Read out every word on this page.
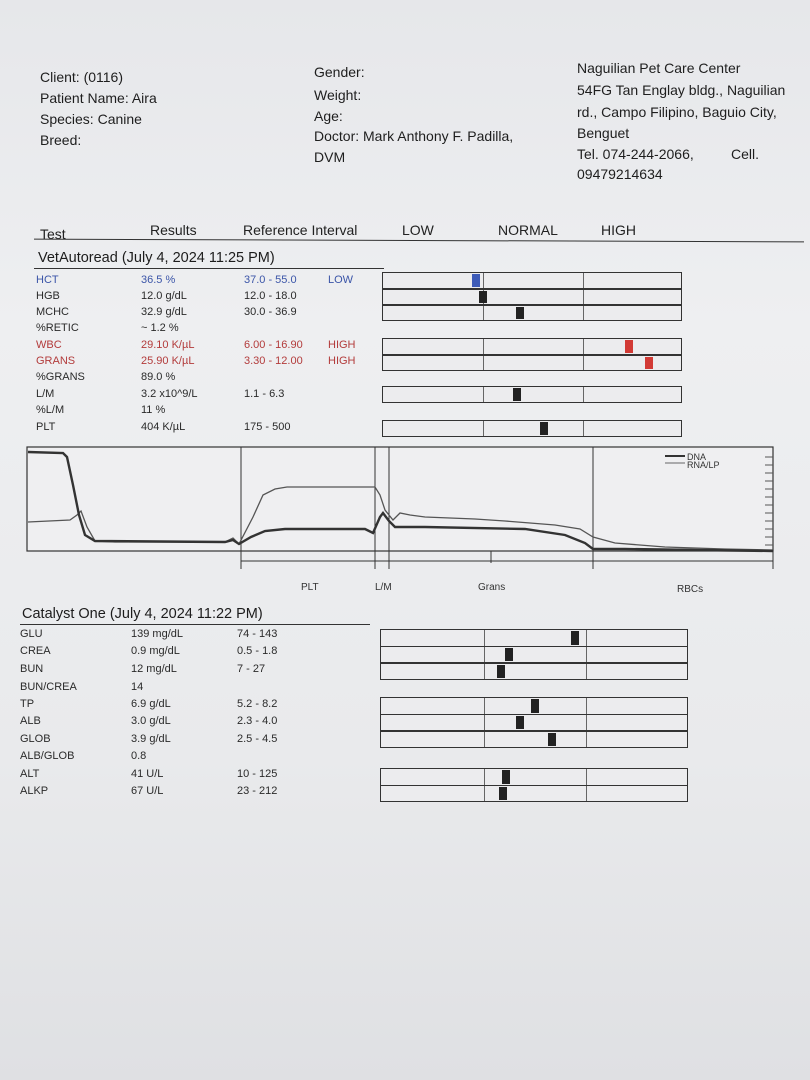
Client: (0116)
Patient Name: Aira
Species: Canine
Breed:
Gender:
Weight:
Age:
Doctor: Mark Anthony F. Padilla,
DVM
Naguilian Pet Care Center
54FG Tan Englay bldg., Naguilian
rd., Campo Filipino, Baguio City,
Benguet
Tel. 074-244-2066,	Cell.
09479214634
Test	Results	Reference Interval	LOW	NORMAL	HIGH
VetAutoread (July 4, 2024 11:25 PM)
HCT	36.5 %	37.0 - 55.0	LOW
HGB	12.0 g/dL	12.0 - 18.0
MCHC	32.9 g/dL	30.0 - 36.9
%RETIC	~ 1.2 %
WBC	29.10 K/µL	6.00 - 16.90 HIGH
GRANS	25.90 K/µL	3.30 - 12.00 HIGH
%GRANS	89.0 %
L/M	3.2 x10^9/L	1.1 - 6.3
%L/M	11 %
PLT	404 K/µL	175 - 500
DNA
RNA/LP
PLT	L/M	Grans	RBCs
Catalyst One (July 4, 2024 11:22 PM)
GLU	139 mg/dL	74 - 143
CREA	0.9 mg/dL	0.5 - 1.8
BUN	12 mg/dL	7 - 27
BUN/CREA	14
TP	6.9 g/dL	5.2 - 8.2
ALB	3.0 g/dL	2.3 - 4.0
GLOB	3.9 g/dL	2.5 - 4.5
ALB/GLOB	0.8
ALT	41 U/L	10 - 125
ALKP	67 U/L	23 - 212
